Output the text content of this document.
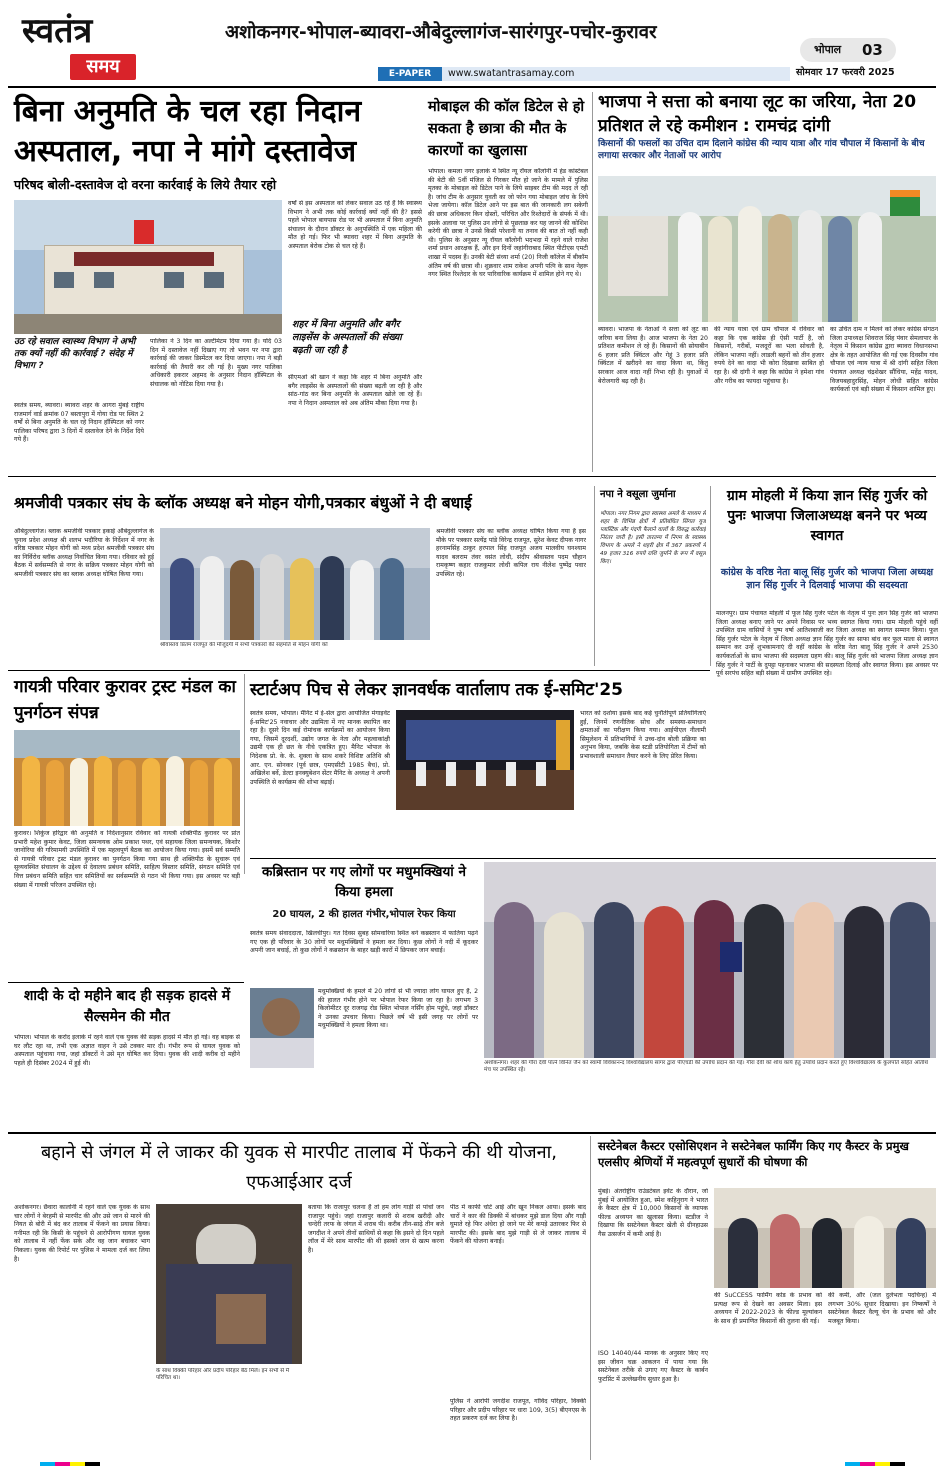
स्वतंत्र
समय
अशोकनगर-भोपाल-ब्यावरा-औबेदुल्लागंज-सारंगपुर-पचोर-कुरावर
E-PAPER	www.swatantrasamay.com
भोपाल 03
सोमवार 17 फरवरी 2025
बिना अनुमति के चल रहा निदान अस्पताल, नपा ने मांगे दस्तावेज
परिषद बोली-दस्तावेज दो वरना कार्रवाई के लिये तैयार रहो
उठ रहे सवाल स्वास्थ्य विभाग ने अभी तक क्यों नहीं की कार्रवाई ? संदेह में विभाग ?
स्वतंत्र समय, ब्यावरा। ब्यावरा शहर के आगरा मुंबई राष्ट्रीय राजमार्ग वार्ड क्रमांक 07 बस्तापुरा में गोया रोड पर स्थित 2 वर्षों से बिना अनुमति के चल रहे निदान हॉस्पिटल को नगर पालिका परिषद द्वारा 3 दिनों में दस्तावेज देने के निर्देश दिये गये हैं।
पालिका ने 3 दिन का अल्टीमेटम दिया गया है। यदि 03 दिन में दस्तावेज नहीं दिखाए गए तो भवन पर नपा द्वारा कार्रवाई की जाकर डिस्मेंटल कर दिया जाएगा। नपा ने बड़ी कार्रवाई की तैयारी कर ली गई है। मुख्य नगर पालिका अधिकारी इकरार अहमद के अनुसार निदान हॉस्पिटल के संचालक को नोटिस दिया गया है।
वर्षों से इस अस्पताल को लेकर सवाल उठ रहे हैं कि स्वास्थ्य विभाग ने अभी तक कोई कार्रवाई क्यों नहीं की है? इससे पहले भोपाल बायपास रोड पर भी अस्पताल में बिना अनुमति संचालन के दौरान डॉक्टर के अनुपस्थिति में एक महिला की मौत हो गई। फिर भी ब्यावरा शहर में बिना अनुमति के अस्पताल बेरोक टोक से चल रहे हैं।
शहर में बिना अनुमति और बगैर लाइसेंस के अस्पतालों की संख्या बढ़ती जा रही है
सीएमओ श्री खान ने कहा कि शहर में बिना अनुमति और बगैर लाइसेंस के अस्पतालों की संख्या बढ़ती जा रही है और सांठ-गांठ कर बिना अनुमति के अस्पताल खोले जा रहे हैं। नपा ने निदान अस्पताल को अब अंतिम मौका दिया गया है।
मोबाइल की कॉल डिटेल से हो सकता है छात्रा की मौत के कारणों का खुलासा
भोपाल। कमला नगर इलाके में स्थित न्यू रॉयल कॉलोनी में हेड कांस्टेबल की बेटी की 5वीं मंजिल से गिरकर मौत हो जाने के मामले में पुलिस मृतका के मोबाइल को डिटेल पाने के लिये साइबर टीम की मदद ले रही है। जांच टीम के अनुसार युवती का जो फोन गया मोबाइल जांच के लिये भेजा जायेगा। कॉल डिटेल आने पर इस बात की जानकारी लग सकेगी की छात्रा अधिकतर किन दोस्तों, परिचित और रिश्तेदारों के संपर्क में थी। इसके अलावा पर पुलिस उन लोगो से पूछताछ कर यह जानने की कोशिश करेगी की छात्रा ने उनसे किसी परेशानी या तनाव की बात तो नहीं कही थी। पुलिस के अनुसार न्यू रॉयल कॉलोनी भदभदा में रहने वाले राजेश शर्मा प्रधान आरक्षक हैं, और इन दिनों जहांगीराबाद स्थित पीटीएस एमटी शाखा में पदस्थ हैं। उनकी बेटी संध्या शर्मा (20) निजी कॉलेज में बीकॉम अंतिम वर्ष की छात्रा थी। शुक्रवार शाम राकेश अपनी पत्नि के साथ नेहरू नगर स्थित रिश्तेदार के घर पारिवारिक कार्यक्रम में शामिल होने गए थे।
भाजपा ने सत्ता को बनाया लूट का जरिया, नेता 20 प्रतिशत ले रहे कमीशन : रामचंद्र दांगी
किसानों की फसलों का उचित दाम दिलाने कांग्रेस की न्याय यात्रा और गांव चौपाल में किसानों के बीच लगाया सरकार और नेताओं पर आरोप
ब्यावरा। भाजपा के नेताओं ने सत्ता को लूट का जरिया बना लिया है। आज भाजपा के नेता 20 प्रतिशत कमीशन ले रहे हैं। किसानों की सोयाबीन 6 हजार प्रति क्विंटल और गेहूं 3 हजार प्रति क्विंटल में खरीदने का वादा किया था, किंतु सरकार आज वादा नहीं निभा रही है। युवाओं में बेरोजगारी बढ़ रही है।
की न्याय यात्रा एवं ग्राम चौपाल में रविवार को कहा कि एक कांग्रेस ही ऐसी पार्टी है, जो किसानों, गरीबों, मजदूरों का भला सोचती है, लेकिन भाजपा नहीं। लाडली बहनों को तीन हजार रुपये देने का वादा भी कोरा दिखावा साबित हो रहा है। श्री दांगी ने कहा कि कांग्रेस ने हमेशा गांव और गरीब का फायदा पहुंचाया है।
का उचित दाम न मिलने को लेकर कांग्रेस संगठन जिला उपाध्यक्ष शिवराज सिंह पंवार सेमलापार के नेतृत्व में किसान कांग्रेस द्वारा ब्यावरा विधानसभा क्षेत्र के तहत आयोजित की गई एक दिवसीय गांव चौपाल एवं न्याय यात्रा में श्री दांगी सहित जिला पंचायत अध्यक्ष चंद्रशेखर सौंधिया, महेंद्र यादव, विजयबहादुरसिंह, मोहन लोधी सहित कांग्रेस कार्यकर्ता एवं बड़ी संख्या में किसान शामिल हुए।
श्रमजीवी पत्रकार संघ के ब्लॉक अध्यक्ष बने मोहन योगी,पत्रकार बंधुओं ने दी बधाई
औबेदुल्लागंज। ब्लाक श्रमजीवी पत्रकार इकाई औबेदुल्लागंज के चुनाव प्रदेश अध्यक्ष श्री शलभ भदौरिया के निर्देशन में नगर के वरिष्ठ पत्रकार मोहन योगी को मध्य प्रदेश श्रमजीवी पत्रकार संघ का निर्विरोध ब्लॉक अध्यक्ष निर्वाचित किया गया। रविवार को हुई बैठक में सर्वसम्मति से नगर के सक्रिय पत्रकार मोहन योगी को श्रमजीवी पत्रकार संघ का ब्लाक अध्यक्ष घोषित किया गया।
श्रीवास्तव प्रितम राजपूत की मौजूदगी में सभी पत्रकारों की सहमति से मोहन योगी को
श्रमजीवी पत्रकार संघ का ब्लॉक अध्यक्ष घोषित किया गया है इस मौके पर पत्रकार सत्येंद्र पांडे विरेन्द्र राजपूत, सुरेश केवट दीपक नागर हरनामसिंह ठाकुर हरपाल सिंह राजपूत अजय मालवीय घनश्याम यादव बलराम तंवर वसंत लोधी, संदीप श्रीवास्तव पदम चौहान रामकृष्ण कहार राजकुमार लोधी कपिल राय नीलेश पुष्पेंद्र पवार उपस्थित रहे।
नपा ने वसूला जुर्माना
भोपाल। नगर निगम द्वारा स्वास्थ्य अमले के माध्यम से शहर के विभिन्न क्षेत्रों में प्रतिबंधित सिंगल यूज प्लास्टिक और गंदगी फैलाने वालों के विरुद्ध कार्रवाई निरंतर जारी है। इसी तारतम्य में निगम के स्वास्थ्य विभाग के अमले ने शहरी क्षेत्र में 367 प्रकरणों में 49 हजार 316 रुपये राशि जुर्माने के रूप में वसूल किए।
ग्राम मोहली में किया ज्ञान सिंह गुर्जर को पुनः भाजपा जिलाअध्यक्ष बनने पर भव्य स्वागत
कांग्रेस के वरिष्ठ नेता बालू सिंह गुर्जर को भाजपा जिला अध्यक्ष ज्ञान सिंह गुर्जर ने दिलवाई भाजपा की सदस्यता
मालनपुर। ग्राम पंचायत मोहली में फूल सिंह गुर्जर पटेल के नेतृत्व में पुनः ज्ञान सिंह गुर्जर को भाजपा जिला अध्यक्ष बनाए जाने पर अपने निवास पर भव्य स्वागत किया गया। ग्राम मोहली पहुंचे वहीं उपस्थित ग्राम वासियों ने पुष्प वर्षा आतिशबाजी कर जिला अध्यक्ष का स्वागत सम्मान किया। फूल सिंह गुर्जर पटेल के नेतृत्व में जिला अध्यक्ष ज्ञान सिंह गुर्जर का साफा बांध कर फूल माला से स्वागत सम्मान कर उन्हें शुभकामनाएं दी वहीं कांग्रेस के वरिष्ठ नेता बालू सिंह गुर्जर ने अपने 2530 कार्यकर्ताओं के साथ भाजपा की सदस्यता ग्रहण की। बालू सिंह गुर्जर को भाजपा जिला अध्यक्ष ज्ञान सिंह गुर्जर ने पार्टी के दुपट्टा पहनाकर भाजपा की सदस्यता दिलाई और स्वागत किया। इस अवसर पर पूर्व सरपंच सहित बड़ी संख्या में ग्रामीण उपस्थित रहे।
गायत्री परिवार कुरावर ट्रस्ट मंडल का पुनर्गठन संपन्न
कुरावर। शिकुंज हरिद्वार की अनुमति व निर्देशानुसार रविवार को गायत्री शक्तिपीठ कुरावर पर प्रांत प्रभारी महेश कुमार केवट, जिला समन्वयक ओम प्रकाश पथर, एवं सहायक जिला समन्वयक, किशोर जानोरिया की गरिमामयी उपस्थिति में एक महत्वपूर्ण बैठक का आयोजन किया गया। इसमें सर्व सम्मति से गायत्री परिवार ट्रस्ट मंडल कुरावर का पुनर्गठन किया गया साथ ही शक्तिपीठ के सुचारू एवं सुव्यवस्थित संचालन के उद्देश्य से देवालय प्रबंधन समिति, साहित्य विस्तार समिति, संगठन समिति एवं वित्त प्रबंधन समिति सहित चार समितियों का सर्वसम्मति से गठन भी किया गया। इस अवसर पर बड़ी संख्या में गायत्री परिजन उपस्थित रहे।
स्टार्टअप पिच से लेकर ज्ञानवर्धक वार्तालाप तक ई-समिट'25
स्वतंत्र समय, भोपाल। मैनिट में ई-सेल द्वारा आयोजित मेगाइवेंट ई-समिट'25 नवाचार और उद्यमिता में नए मानक स्थापित कर रहा है। दूसरे दिन कई रोमांचक कार्यक्रमों का आयोजन किया गया, जिसमें दूरदर्शी, उद्योग जगत के नेता और महत्वाकांक्षी उद्यमी एक ही छत के नीचे एकत्रित हुए। मैनिट भोपाल के निदेशक प्रो. के. के. शुक्ला के साथ शकरे विशिष्ट अतिथि श्री आर. एन. सोनकर (पूर्व छात्र, एमएसीटी 1985 बैच), प्रो. अखिलेश बर्वे, डेल्टा इनक्युबेशन सेंटर मैनिट के अध्यक्ष ने अपनी उपस्थिति से कार्यक्रम की शोभा बढ़ाई।
भारत को दर्शाया इसके बाद कई चुनौतीपूर्ण प्रतियोगिताएं हुईं, जिनमें रणनीतिक सोच और समस्या-समाधान क्षमताओं का परीक्षण किया गया। आईपीएल नीलामी सिमुलेशन में प्रतिभागियों ने उच्च-दांव बोली प्रक्रिया का अनुभव किया, जबकि केस स्टडी प्रतियोगिता में टीमों को प्रभावशाली समाधान तैयार करने के लिए प्रेरित किया।
कब्रिस्तान पर गए लोगों पर मधुमक्खियां ने किया हमला
20 घायल, 2 की हालत गंभीर,भोपाल रेफर किया
स्वतंत्र समय संवाददाता, खिलचीपुर। गत दिवस सुबह सोमवारिया स्थित बने कब्रस्तान में फातिया पढ़ने गए एक ही परिवार के 30 लोगों पर मधुमक्खियों ने हमला कर दिया। कुछ लोगों ने नदी में कूदकर अपनी जान बचाई, तो कुछ लोगों ने कब्रस्तान के बाहर खड़ी कारों में छिपकर जान बचाई।
मधुमक्खियों के हमले में 20 लोगों से भी ज्यादा लोग घायल हुए हैं, 2 की हालत गंभीर होने पर भोपाल रेफर किया जा रहा है। लगभग 3 किलोमीटर दूर राजगढ़ रोड स्थित भोपाल नर्सिंग होम पहुंचे, जहां डॉक्टर ने उनका उपचार किया। पिछले वर्ष भी इसी जगह पर लोगों पर मधुमक्खियों ने हमला किया था।
शादी के दो महीने बाद ही सड़क हादसे में सैल्समेन की मौत
भोपाल। भोपाल के करोंद इलाके में रहने वाले एक युवक की सड़क हादसे में मौत हो गई। वह बाइक से घर लौट रहा था, तभी एक अज्ञात वाहन ने उसे टक्कर मार दी। गंभीर रूप से घायल युवक को अस्पताल पहुंचाया गया, जहां डॉक्टरों ने उसे मृत घोषित कर दिया। युवक की शादी करीब दो महीने पहले ही दिसंबर 2024 में हुई थी।	अशोकनगर। शहर की गौरा देवी पत्नि विनित जैन को स्वामी विवेकानन्द विश्वविद्यालय सागर द्वारा पीएचडी की उपाधि प्रदान की गई। गौरा देवी को शोध कार्य हेतु उपाधि प्रदान करते हुए विश्वविद्यालय के कुलपति सहित अतिथि मंच पर उपस्थित रहे।
बहाने से जंगल में ले जाकर की युवक से मारपीट तालाब में फेंकने की थी योजना, एफआईआर दर्ज
अशोकनगर। छैवारा कालोनी में रहने वाले एक युवक के साथ चार लोगों ने बेरहमी से मारपीट की और उसे जान से मारने की नियत से बोरी में बंद कर तालाब में फेंकने का प्रयास किया। गनीमत रही कि किसी के पहुंचने से आरोपीगण घायल युवक को तालाब में नहीं फेंक सके और वह जान बचाकर भाग निकला। युवक की रिपोर्ट पर पुलिस ने मामला दर्ज कर लिया है।
के साथ विक्की परिहार और प्रदीप परिहार बैठे मिले। इन सभी से मैं परिचित था।
बताया कि राजापुर चलना है तो हम लोग गाड़ी से पांचों जन राजापुर पहुंचे। जहां राजापुर कलारी से शराब खरीदी और चन्देरी तरफ के जंगल में शराब पी। करीब तीन-साढ़े तीन बजे जगदीश ने अपने तीनों साथियों से कहा कि इसने दो दिन पहले लॉज में मेरे साथ मारपीट की थी इसको जान से खत्म करना है।
पीठ में काफी चोटें आई और खून निकल आया। इसके बाद चारों ने कार की डिक्की में बांधकर मुझे डाल दिया और गाड़ी घुमाते रहे फिर अंधेरा हो जाने पर मेरे कपड़े उतारकर फिर से मारपीट की। इसके बाद मुझे गाड़ी से ले जाकर तालाब में फेंकने की योजना बनाई।
पुलिस ने आरोपी जगदीश राजपूत, गोविंद परिहार, विक्की परिहार और प्रदीप परिहार पर धारा 109, 3(5) बीएनएस के तहत प्रकरण दर्ज कर लिया है।
सस्टेनेबल कैस्टर एसोसिएशन ने सस्टेनेबल फार्मिंग किए गए कैस्टर के प्रमुख एलसीए श्रेणियों में महत्वपूर्ण सुधारों की घोषणा की
मुंबई। अंतर्राष्ट्रीय राउंडटेबल इवेंट के दौरान, जो मुंबई में आयोजित हुआ, स्मेश कहिनुराग ने भारत के कैस्टर क्षेत्र में 10,000 किसानों के व्यापक फील्ड अध्ययन का खुलासा किया। स्टडीज ने दिखाया कि सस्टेनेबल कैस्टर खेती से ग्रीनहाउस गैस उत्सर्जन में कमी आई है।
ISO 14040/44 मानक के अनुसार किए गए इस जीवन चक्र आकलन में पाया गया कि सस्टेनेबल तरीके से उगाए गए कैस्टर के कार्बन फुटप्रिंट में उल्लेखनीय सुधार हुआ है।
की SuCCESS फार्मिंग कोड के प्रभाव को प्रत्यक्ष रूप से देखने का अवसर मिला। इस अध्ययन में 2022-2023 के फील्ड मूल्यांकन के साथ ही प्रमाणित किसानों की तुलना की गई।
की कमी, और (जल दुर्लभता पदचिन्ह) में लगभग 30% सुधार दिखाया। इन निष्कर्षों ने सस्टेनेबल कैस्टर वैल्यू चेन के प्रभाव को और मजबूत किया।
